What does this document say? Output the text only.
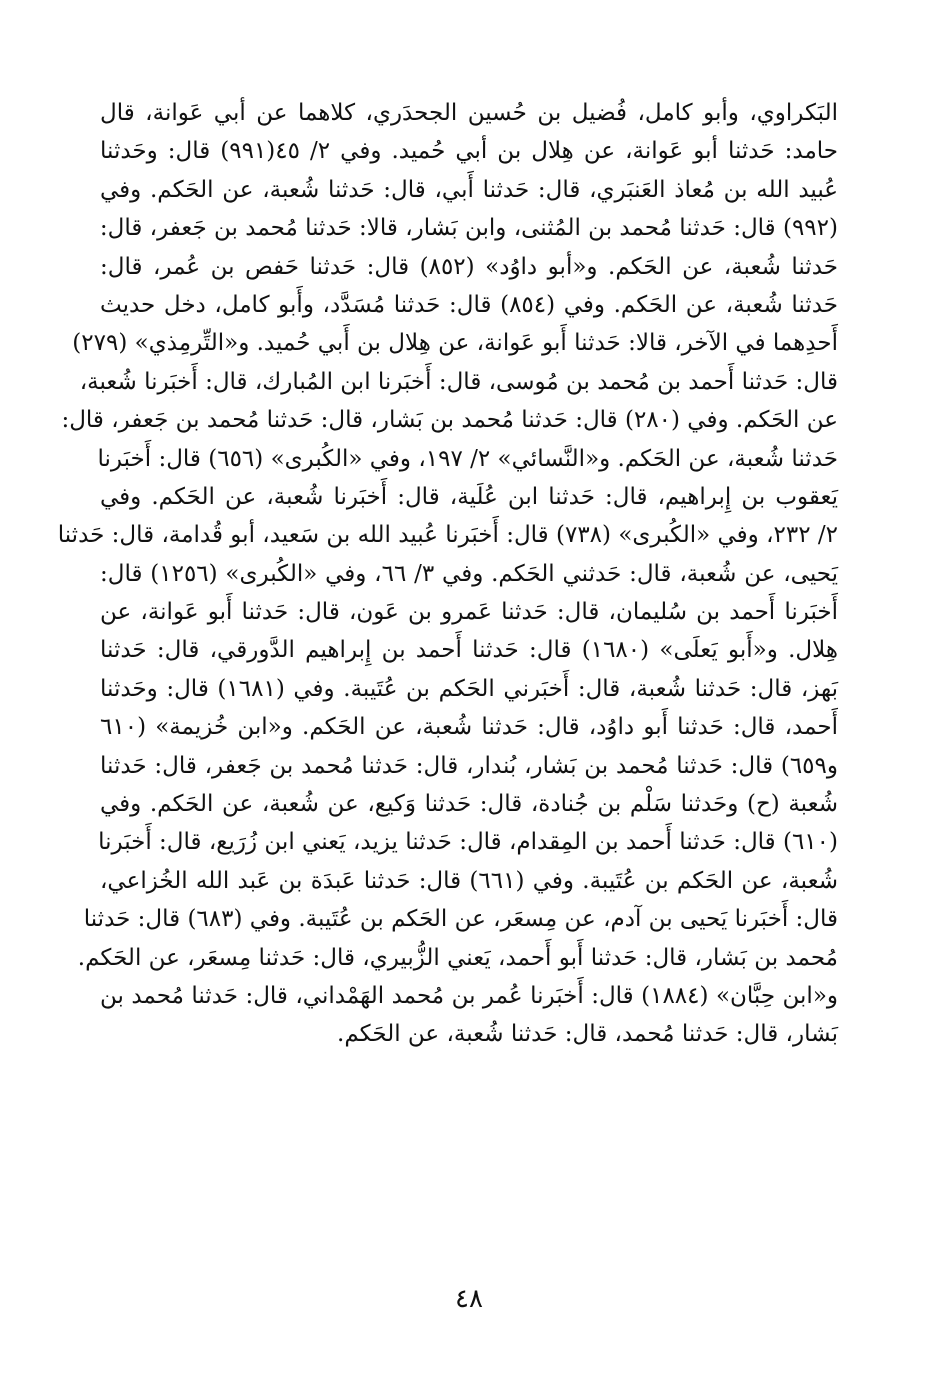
البَكراوي، وأبو كامل، فُضيل بن حُسين الجحدَري، كلاهما عن أبي عَوانة، قال
حامد: حَدثنا أبو عَوانة، عن هِلال بن أبي حُميد. وفي ٢/ ٤٥(٩٩١) قال: وحَدثنا
عُبيد الله بن مُعاذ العَنبَري، قال: حَدثنا أَبي، قال: حَدثنا شُعبة، عن الحَكم. وفي
(٩٩٢) قال: حَدثنا مُحمد بن المُثنى، وابن بَشار، قالا: حَدثنا مُحمد بن جَعفر، قال:
حَدثنا شُعبة، عن الحَكم. و«أبو داوُد» (٨٥٢) قال: حَدثنا حَفص بن عُمر، قال:
حَدثنا شُعبة، عن الحَكم. وفي (٨٥٤) قال: حَدثنا مُسَدَّد، وأَبو كامل، دخل حديث
أَحدِهما في الآخر، قالا: حَدثنا أَبو عَوانة، عن هِلال بن أَبي حُميد. و«التِّرمِذي» (٢٧٩)
قال: حَدثنا أَحمد بن مُحمد بن مُوسى، قال: أَخبَرنا ابن المُبارك، قال: أَخبَرنا شُعبة،
عن الحَكم. وفي (٢٨٠) قال: حَدثنا مُحمد بن بَشار، قال: حَدثنا مُحمد بن جَعفر، قال:
حَدثنا شُعبة، عن الحَكم. و«النَّسائي» ٢/ ١٩٧، وفي «الكُبرى» (٦٥٦) قال: أَخبَرنا
يَعقوب بن إِبراهيم، قال: حَدثنا ابن عُلَية، قال: أَخبَرنا شُعبة، عن الحَكم. وفي
٢/ ٢٣٢، وفي «الكُبرى» (٧٣٨) قال: أَخبَرنا عُبيد الله بن سَعيد، أبو قُدامة، قال: حَدثنا
يَحيى، عن شُعبة، قال: حَدثني الحَكم. وفي ٣/ ٦٦، وفي «الكُبرى» (١٢٥٦) قال:
أَخبَرنا أَحمد بن سُليمان، قال: حَدثنا عَمرو بن عَون، قال: حَدثنا أَبو عَوانة، عن
هِلال. و«أَبو يَعلَى» (١٦٨٠) قال: حَدثنا أَحمد بن إِبراهيم الدَّورقي، قال: حَدثنا
بَهز، قال: حَدثنا شُعبة، قال: أَخبَرني الحَكم بن عُتَيبة. وفي (١٦٨١) قال: وحَدثنا
أَحمد، قال: حَدثنا أَبو داوُد، قال: حَدثنا شُعبة، عن الحَكم. و«ابن خُزيمة» (٦١٠
و٦٥٩) قال: حَدثنا مُحمد بن بَشار، بُندار، قال: حَدثنا مُحمد بن جَعفر، قال: حَدثنا
شُعبة (ح) وحَدثنا سَلْم بن جُنادة، قال: حَدثنا وَكيع، عن شُعبة، عن الحَكم. وفي
(٦١٠) قال: حَدثنا أَحمد بن المِقدام، قال: حَدثنا يزيد، يَعني ابن زُرَيع، قال: أَخبَرنا
شُعبة، عن الحَكم بن عُتَيبة. وفي (٦٦١) قال: حَدثنا عَبدَة بن عَبد الله الخُزاعي،
قال: أَخبَرنا يَحيى بن آدم، عن مِسعَر، عن الحَكم بن عُتَيبة. وفي (٦٨٣) قال: حَدثنا
مُحمد بن بَشار، قال: حَدثنا أَبو أَحمد، يَعني الزُّبيري، قال: حَدثنا مِسعَر، عن الحَكم.
و«ابن حِبَّان» (١٨٨٤) قال: أَخبَرنا عُمر بن مُحمد الهَمْداني، قال: حَدثنا مُحمد بن
بَشار، قال: حَدثنا مُحمد، قال: حَدثنا شُعبة، عن الحَكم.
٤٨
